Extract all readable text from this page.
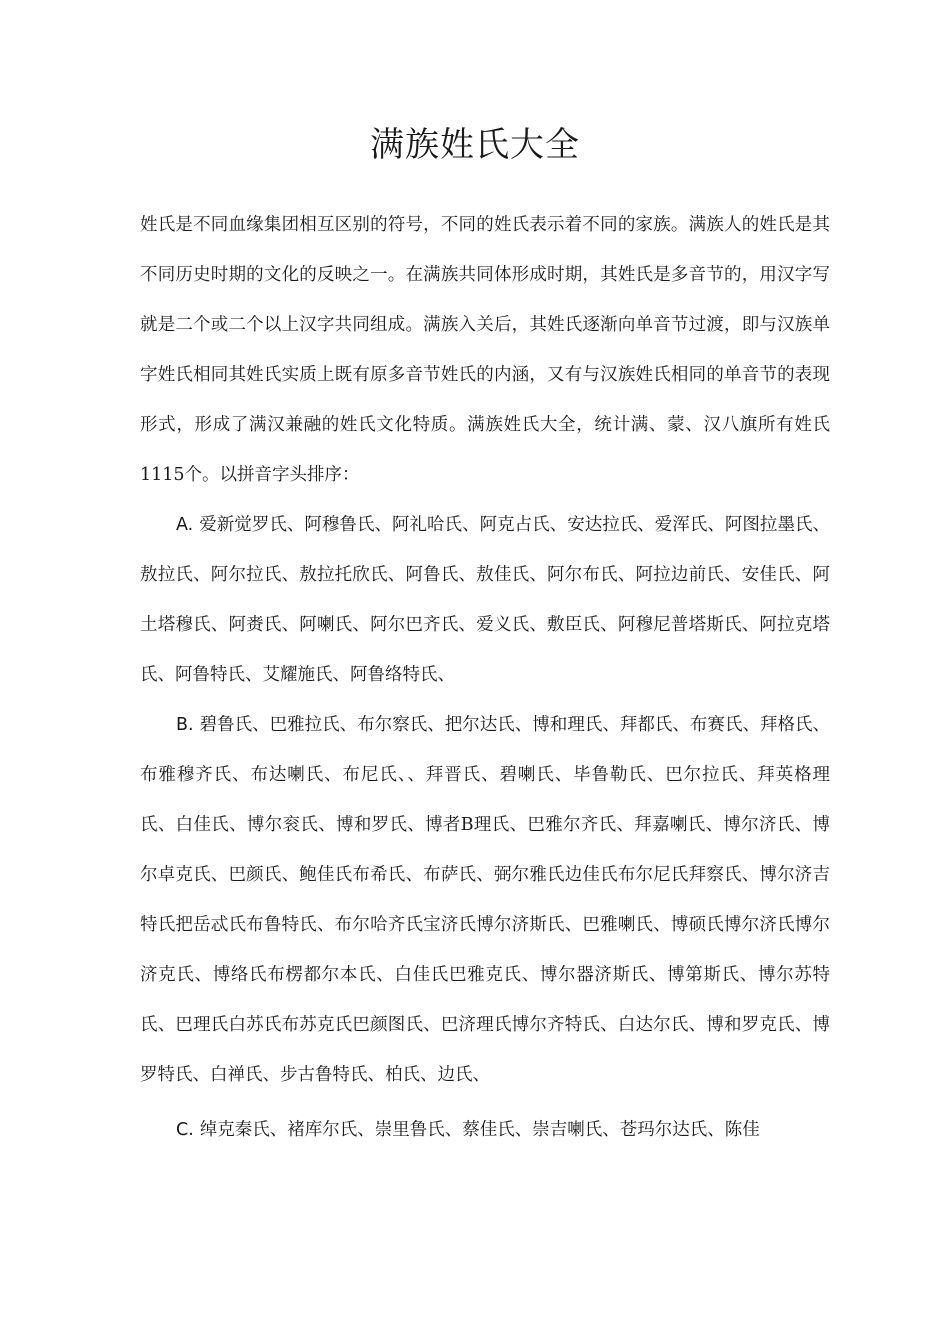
满族姓氏大全

姓氏是不同血缘集团相互区别的符号，不同的姓氏表示着不同的家族。满族人的姓氏是其不同历史时期的文化的反映之一。在满族共同体形成时期，其姓氏是多音节的，用汉字写就是二个或二个以上汉字共同组成。满族入关后，其姓氏逐渐向单音节过渡，即与汉族单字姓氏相同其姓氏实质上既有原多音节姓氏的内涵，又有与汉族姓氏相同的单音节的表现形式，形成了满汉兼融的姓氏文化特质。满族姓氏大全，统计满、蒙、汉八旗所有姓氏1115个。以拼音字头排序：

A. 爱新觉罗氏、阿穆鲁氏、阿礼哈氏、阿克占氏、安达拉氏、爱浑氏、阿图拉墨氏、敖拉氏、阿尔拉氏、敖拉托欣氏、阿鲁氏、敖佳氏、阿尔布氏、阿拉边前氏、安佳氏、阿土塔穆氏、阿赉氏、阿喇氏、阿尔巴齐氏、爱义氏、敷臣氏、阿穆尼普塔斯氏、阿拉克塔氏、阿鲁特氏、艾耀施氏、阿鲁络特氏、

B. 碧鲁氏、巴雅拉氏、布尔察氏、把尔达氏、博和理氏、拜都氏、布赛氏、拜格氏、布雅穆齐氏、布达喇氏、布尼氏、、拜晋氏、碧喇氏、毕鲁勒氏、巴尔拉氏、拜英格理氏、白佳氏、博尔衮氏、博和罗氏、博者B理氏、巴雅尔齐氏、拜嘉喇氏、博尔济氏、博尔卓克氏、巴颜氏、鲍佳氏布希氏、布萨氏、弼尔雅氏边佳氏布尔尼氏拜察氏、博尔济吉特氏把岳忒氏布鲁特氏、布尔哈齐氏宝济氏博尔济斯氏、巴雅喇氏、博硕氏博尔济氏博尔济克氏、博络氏布楞都尔本氏、白佳氏巴雅克氏、博尔器济斯氏、博第斯氏、博尔苏特氏、巴理氏白苏氏布苏克氏巴颜图氏、巴济理氏博尔齐特氏、白达尔氏、博和罗克氏、博罗特氏、白禅氏、步古鲁特氏、柏氏、边氏、

C. 绰克秦氏、褚库尔氏、崇里鲁氏、蔡佳氏、崇吉喇氏、苍玛尔达氏、陈佳
